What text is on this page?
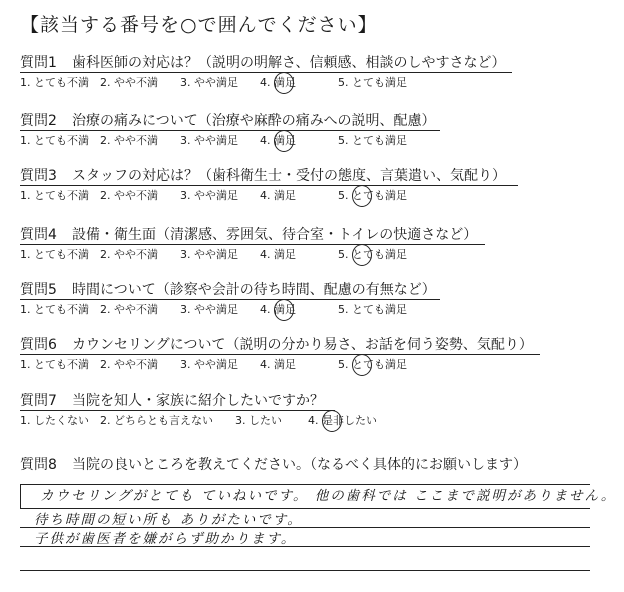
【該当する番号を○で囲んでください】
質問1 歯科医師の対応は？（説明の明解さ、信頼感、相談のしやすさなど）
1. とても不満 2. やや不満 3. やや満足 4. 満足	5. とても満足
質問2 治療の痛みについて（治療や麻酔の痛みへの説明、配慮）
1. とても不満 2. やや不満 3. やや満足 4. 満足	5. とても満足
質問3 スタッフの対応は？（歯科衛生士・受付の態度、言葉遣い、気配り）
1. とても不満 2. やや不満 3. やや満足 4. 満足	5. とても満足
質問4 設備・衛生面（清潔感、雰囲気、待合室・トイレの快適さなど）
1. とても不満 2. やや不満 3. やや満足 4. 満足	5. とても満足
質問5 時間について（診察や会計の待ち時間、配慮の有無など）
1. とても不満 2. やや不満 3. やや満足 4. 満足	5. とても満足
質問6 カウンセリングについて（説明の分かり易さ、お話を伺う姿勢、気配り）
1. とても不満 2. やや不満 3. やや満足 4. 満足	5. とても満足
質問7 当院を知人・家族に紹介したいですか？
1. したくない 2. どちらとも言えない 3. したい 4. 是非したい
質問8 当院の良いところを教えてください。（なるべく具体的にお願いします）
カウセリングがとても ていねいです。 他の歯科では ここまで説明がありません。
待ち時間の短い所も ありがたいです。
子供が歯医者を嫌がらず助かります。
